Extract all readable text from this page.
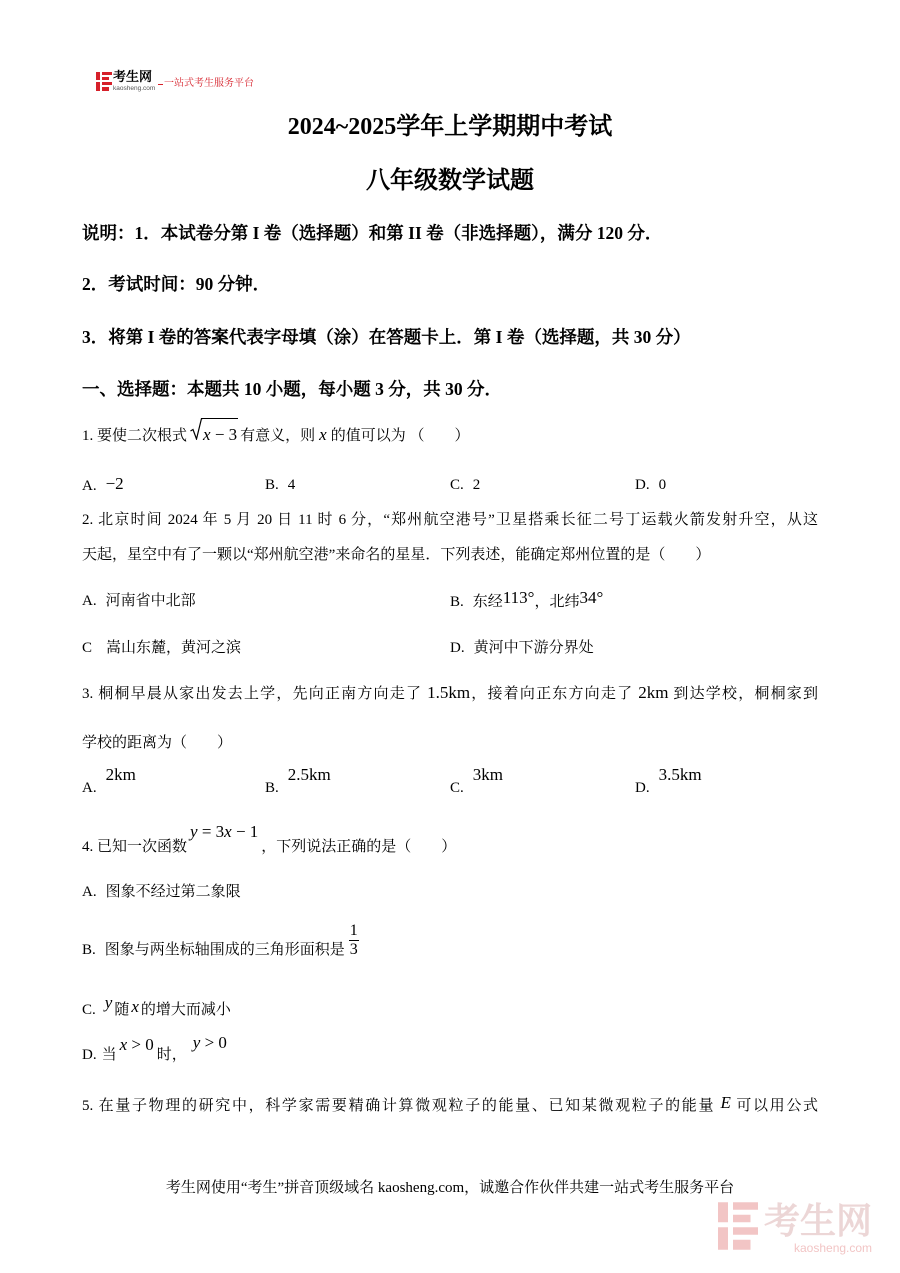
考生网
kaosheng.com 一站式考生服务平台
2024~2025学年上学期期中考试
八年级数学试题
说明：1．本试卷分第 I 卷（选择题）和第 II 卷（非选择题），满分 120 分．
2．考试时间：90 分钟．
3．将第 I 卷的答案代表字母填（涂）在答题卡上．第 I 卷（选择题，共 30 分）
一、选择题：本题共 10 小题，每小题 3 分，共 30 分．
1. 要使二次根式 x − 3 有意义，则 x 的值可以为 （　　）
A. −2	B. 4	C. 2	D. 0
2. 北京时间 2024 年 5 月 20 日 11 时 6 分，“郑州航空港号”卫星搭乘长征二号丁运载火箭发射升空，从这
天起，星空中有了一颗以“郑州航空港”来命名的星星．下列表述，能确定郑州位置的是（　　）
A. 河南省中北部	B. 东经113°，北纬34°
C 嵩山东麓，黄河之滨	D. 黄河中下游分界处
3. 桐桐早晨从家出发去上学，先向正南方向走了 1.5km，接着向正东方向走了 2km 到达学校，桐桐家到
学校的距离为（　　）
A.2km
B.2.5km
C.3km
D.3.5km
4. 已知一次函数y = 3x − 1，下列说法正确的是（　　）
A. 图象不经过第二象限
B. 图象与两坐标轴围成的三角形面积是 $\frac{1}{3}$
C. y 随 x 的增大而减小
D. 当x > 0时，y > 0
5. 在量子物理的研究中，科学家需要精确计算微观粒子的能量、已知某微观粒子的能量 E 可以用公式
考生网使用“考生”拼音顶级域名 kaosheng.com，诚邀合作伙伴共建一站式考生服务平台
考生网
kaosheng.com
